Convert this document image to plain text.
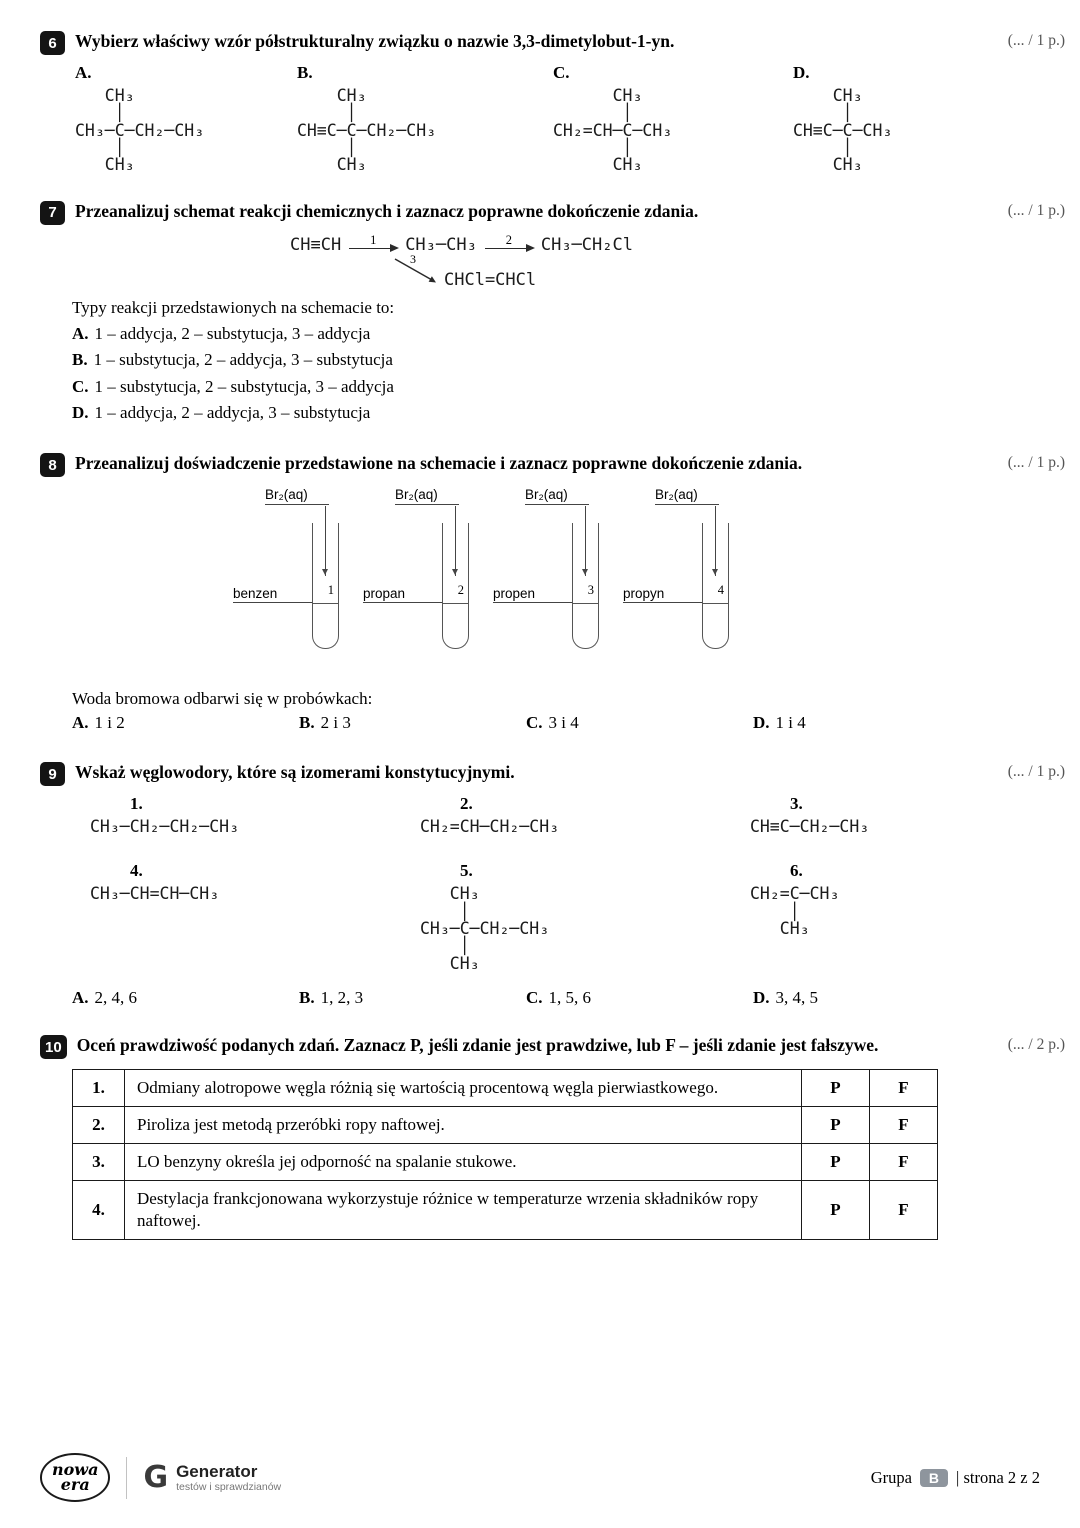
6	Wybierz właściwy wzór półstrukturalny związku o nazwie 3,3-dimetylobut-1-yn.	(... / 1 p.)
A.
CH₃
│
CH₃─C─CH₂─CH₃
│
CH₃
B.
CH₃
│
CH≡C─C─CH₂─CH₃
│
CH₃
C.
CH₃
│
CH₂=CH─C─CH₃
│
CH₃
D.
CH₃
│
CH≡C─C─CH₃
│
CH₃
7	Przeanalizuj schemat reakcji chemicznych i zaznacz poprawne dokończenie zdania.	(... / 1 p.)
CH≡CH 1 CH₃─CH₃ 2 CH₃─CH₂Cl
3
CHCl=CHCl
Typy reakcji przedstawionych na schemacie to:
A. 1 – addycja, 2 – substytucja, 3 – addycja
B. 1 – substytucja, 2 – addycja, 3 – substytucja
C. 1 – substytucja, 2 – substytucja, 3 – addycja
D. 1 – addycja, 2 – addycja, 3 – substytucja
8	Przeanalizuj doświadczenie przedstawione na schemacie i zaznacz poprawne dokończenie zdania.	(... / 1 p.)
Br₂(aq)
1
benzen
Br₂(aq)
2
propan
Br₂(aq)
3
propen
Br₂(aq)
4
propyn
Woda bromowa odbarwi się w probówkach:
A. 1 i 2	B. 2 i 3	C. 3 i 4	D. 1 i 4
9	Wskaż węglowodory, które są izomerami konstytucyjnymi.	(... / 1 p.)
1.
CH₃─CH₂─CH₂─CH₃
2.
CH₂=CH─CH₂─CH₃
3.
CH≡C─CH₂─CH₃
4.
CH₃─CH=CH─CH₃
5.
CH₃
│
CH₃─C─CH₂─CH₃
│
CH₃
6.
CH₂=C─CH₃
│
CH₃
A. 2, 4, 6	B. 1, 2, 3	C. 1, 5, 6	D. 3, 4, 5
10 Oceń prawdziwość podanych zdań. Zaznacz P, jeśli zdanie jest prawdziwe, lub F – jeśli zdanie jest fałszywe.	(... / 2 p.)
1.	Odmiany alotropowe węgla różnią się wartością procentową węgla pierwiastkowego.	P	F
2.	Piroliza jest metodą przeróbki ropy naftowej.	P	F
3.	LO benzyny określa jej odporność na spalanie stukowe.	P	F
4.	Destylacja frankcjonowana wykorzystuje różnice w temperaturze wrzenia składników ropy naftowej.	P	F
nowa
era G Generator
testów i sprawdzianów
Grupa	B	| strona 2 z 2
